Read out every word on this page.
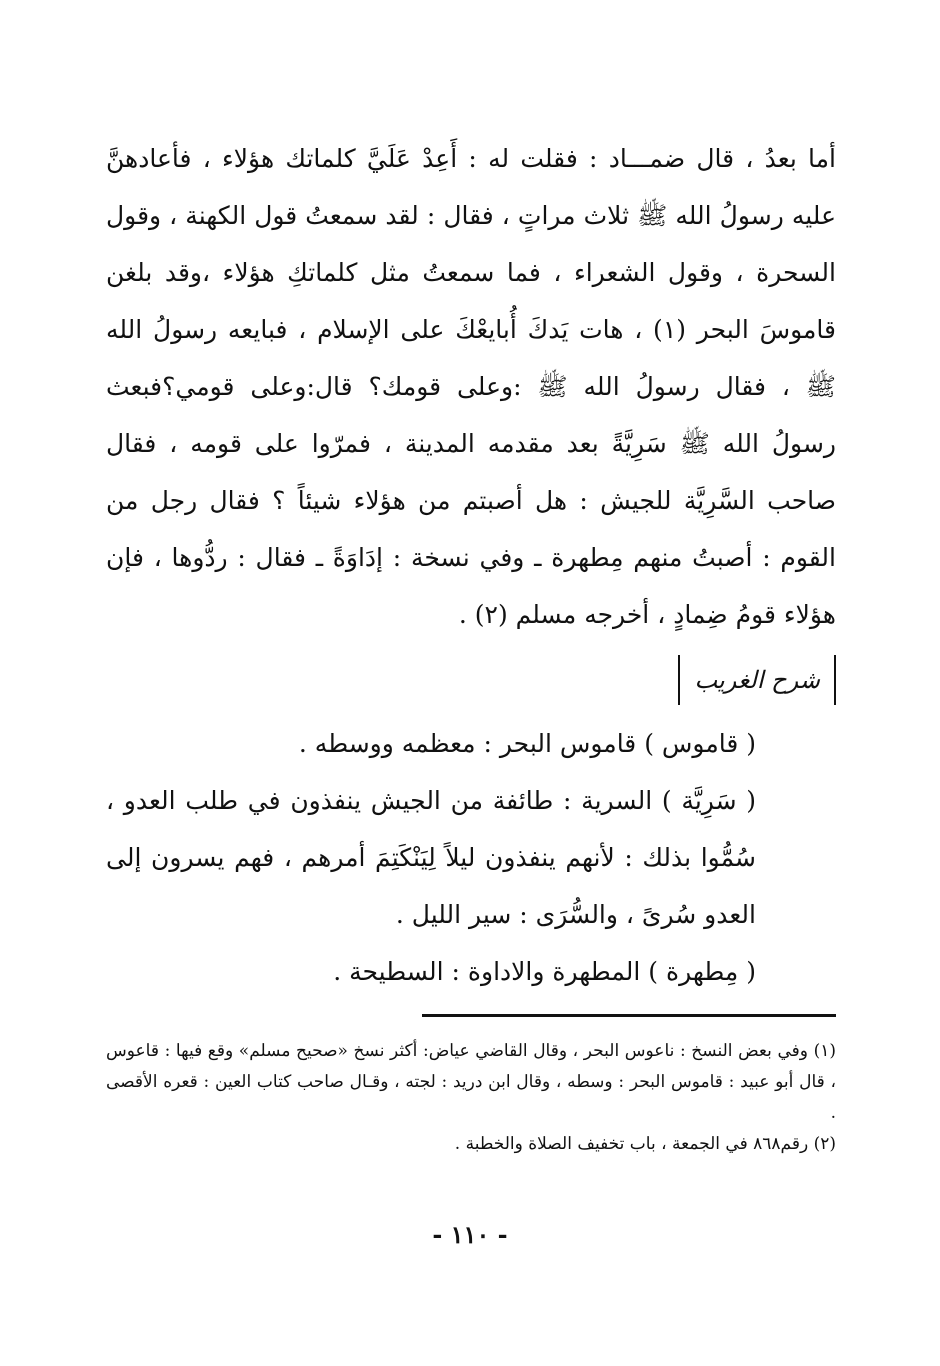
أما بعدُ ، قال ضمـــاد : فقلت له : أَعِدْ عَلَيَّ كلماتك هؤلاء ، فأعادهنَّ عليه رسولُ الله ﷺ ثلاث مراتٍ ، فقال : لقد سمعتُ قول الكهنة ، وقول السحرة ، وقول الشعراء ، فما سمعتُ مثل كلماتكِ هؤلاء ،وقد بلغن قاموسَ البحر (١) ، هات يَدكَ أُبايعْكَ على الإسلام ، فبايعه رسولُ الله ﷺ ، فقال رسولُ الله ﷺ :وعلى قومك؟ قال:وعلى قومي؟فبعث رسولُ الله ﷺ سَرِيَّةً بعد مقدمه المدينة ، فمرّوا على قومه ، فقال صاحب السَّرِيَّة للجيش : هل أصبتم من هؤلاء شيئاً ؟ فقال رجل من القوم : أصبتُ منهم مِطهرة ـ وفي نسخة : إدَاوَةً ـ فقال : ردُّوها ، فإن هؤلاء قومُ ضِمادٍ ، أخرجه مسلم (٢) .

شرح الغريب

( قاموس ) قاموس البحر : معظمه ووسطه .

( سَرِيَّة ) السرية : طائفة من الجيش ينفذون في طلب العدو ، سُمُّوا بذلك : لأنهم ينفذون ليلاً لِيَنْكَتِمَ أمرهم ، فهم يسرون إلى العدو سُرىً ، والسُّرَى : سير الليل .

( مِطهرة ) المطهرة والاداوة : السطيحة .

(١) وفي بعض النسخ : ناعوس البحر ، وقال القاضي عياض: أكثر نسخ «صحيح مسلم» وقع فيها : قاعوس ، قال أبو عبيد : قاموس البحر : وسطه ، وقال ابن دريد : لجته ، وقـال صاحب كتاب العين : قعره الأقصى .

(٢) رقم٨٦٨ في الجمعة ، باب تخفيف الصلاة والخطبة .

- ١١٠ -
